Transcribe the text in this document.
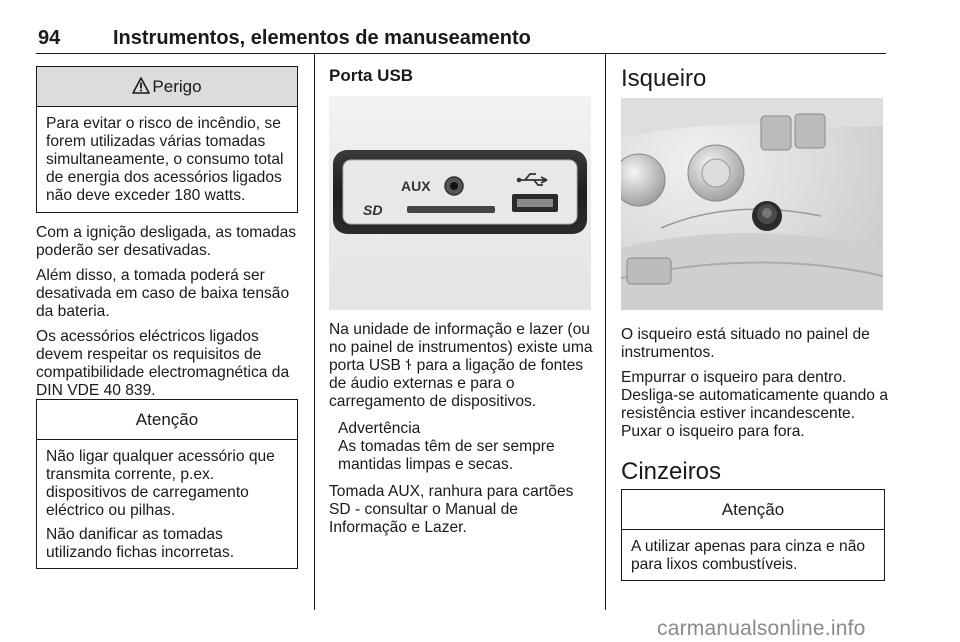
94	Instrumentos, elementos de manuseamento
Perigo

Para evitar o risco de incêndio, se forem utilizadas várias tomadas simultaneamente, o consumo total de energia dos acessórios ligados não deve exceder 180 watts.

Com a ignição desligada, as tomadas poderão ser desativadas.

Além disso, a tomada poderá ser desativada em caso de baixa tensão da bateria.

Os acessórios eléctricos ligados devem respeitar os requisitos de compatibilidade electromagnética da DIN VDE 40 839.

Atenção

Não ligar qualquer acessório que transmita corrente, p.ex. dispositivos de carregamento eléctrico ou pilhas.

Não danificar as tomadas utilizando fichas incorretas.

Porta USB
AUX
SD

Na unidade de informação e lazer (ou no painel de instrumentos) existe uma porta USB para a ligação de fontes de áudio externas e para o carregamento de dispositivos.

Advertência
As tomadas têm de ser sempre mantidas limpas e secas.

Tomada AUX, ranhura para cartões SD - consultar o Manual de Informação e Lazer.

Isqueiro

O isqueiro está situado no painel de instrumentos.

Empurrar o isqueiro para dentro. Desliga-se automaticamente quando a resistência estiver incandescente. Puxar o isqueiro para fora.

Cinzeiros
Atenção

A utilizar apenas para cinza e não para lixos combustíveis.

carmanualsonline.info
